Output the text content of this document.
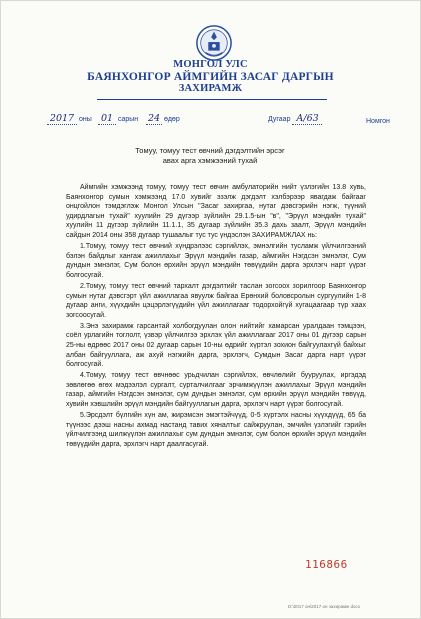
МОНГОЛ УЛС
БАЯНХОНГОР АЙМГИЙН ЗАСАГ ДАРГЫН
ЗАХИРАМЖ
2017 оны 01 сарын 24 өдөр	Дугаар А/63	Номгон
Томуу, томуу тест өвчний дэгдэлтийн эрсэг
авах арга хэмжээний тухай

Аймгийн хэмжээнд томуу, томуу тест өвчин амбулаторийн нийт үзлэгийн 13.8 хувь, Баянхонгор сумын хэмжээнд 17.0 хувийг эзэлж дэгдэлт хэлбэрээр явагдаж байгааг онцгойлон тэмдэглэж Монгол Улсын "Засаг захиргаа, нутаг дэвсгэрийн нэгж, түүний удирдлагын тухай" хуулийн 29 дүгээр зүйлийн 29.1.5-ын "в", "Эрүүл мэндийн тухай" хуулийн 11 дүгээр зүйлийн 11.1.1, 35 дугаар зүйлийн 35.3 дахь заалт, Эрүүл мэндийн сайдын 2014 оны 358 дугаар тушаалыг тус тус үндэслэн ЗАХИРАМЖЛАХ нь:

1.Томуу, томуу тест өвчний хүндрэлээс сэргийлэх, эмнэлгийн тусламж үйлчилгээний бэлэн байдлыг хангаж ажиллахыг Эрүүл мэндийн газар, аймгийн Нэгдсэн эмнэлэг, Сум дундын эмнэлэг, Сум болон өрхийн эрүүл мэндийн төвүүдийн дарга эрхлэгч нарт үүрэг болгосугай.

2.Томуу, томуу тест өвчний тархалт дэгдэлтийг таслан зогсоох зорилгоор Баянхонгор сумын нутаг дэвсгэрт үйл ажиллагаа явуулж байгаа Ерөнхий боловсролын сургуулийн 1-8 дугаар анги, хүүхдийн цэцэрлэгүүдийн үйл ажиллагааг тодорхойгүй хугацаагаар түр хаах зогсоосугай.

3.Энэ захирамж гарсантай холбогдуулан олон нийтийг хамарсан уралдаан тэмцээн, соёл урлагийн тоглолт, үзвэр үйлчилгээ эрхлэх үйл ажиллагааг 2017 оны 01 дүгээр сарын 25-ны өдрөөс 2017 оны 02 дугаар сарын 10-ны өдрийг хүртэл зохион байгуулахгүй байхыг албан байгууллага, аж ахуй нэгжийн дарга, эрхлэгч, Сумдын Засаг дарга нарт үүрэг болгосугай.

4.Томуу, томуу тест өвчнөөс урьдчилан сэргийлэх, өвчлөлийг бууруулах, иргэдэд зөвлөгөө өгөх мэдээлэл сургалт, сурталчилгааг эрчимжүүлэн ажиллахыг Эрүүл мэндийн газар, аймгийн Нэгдсэн эмнэлэг, сум дундын эмнэлэг, сум өрхийн эрүүл мэндийн төвүүд, хувийн хэвшлийн эрүүл мэндийн байгууллагын дарга, эрхлэгч нарт үүрэг болгосугай.

5.Эрсдэлт бүлгийн хүн ам, жирэмсэн эмэгтэйчүүд, 0-5 хүртэлх насны хүүхдүүд, 65 ба түүнээс дээш насны ахмад настанд тавих хяналтыг сайжруулан, эмчийн үзлэгийг гэрийн үйлчилгээнд шилжүүлэн ажиллахыг сум дундын эмнэлэг, сум болон өрхийн эрүүл мэндийн төвүүдийн дарга, эрхлэгч нарт даалгасугай.

116866
D:\2017 он\2017 он захирамж docx
